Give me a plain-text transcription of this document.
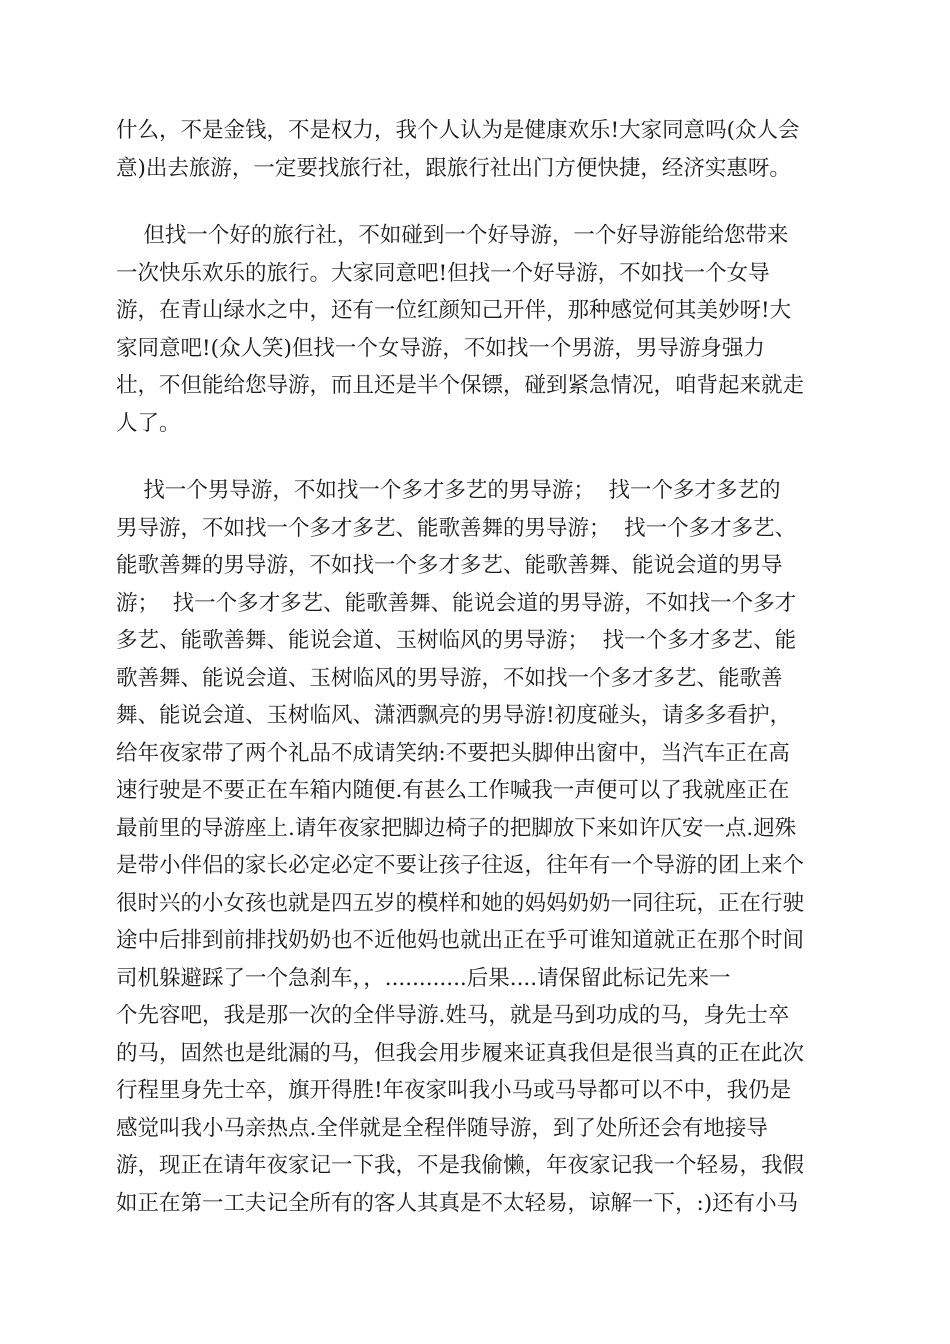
什么，不是金钱，不是权力，我个人认为是健康欢乐!大家同意吗(众人会
意)出去旅游，一定要找旅行社，跟旅行社出门方便快捷，经济实惠呀。
但找一个好的旅行社，不如碰到一个好导游，一个好导游能给您带来
一次快乐欢乐的旅行。大家同意吧!但找一个好导游，不如找一个女导
游，在青山绿水之中，还有一位红颜知己开伴，那种感觉何其美妙呀!大
家同意吧!(众人笑)但找一个女导游，不如找一个男游，男导游身强力
壮，不但能给您导游，而且还是半个保镖，碰到紧急情况，咱背起来就走
人了。
找一个男导游，不如找一个多才多艺的男导游；  找一个多才多艺的
男导游，不如找一个多才多艺、能歌善舞的男导游；  找一个多才多艺、
能歌善舞的男导游，不如找一个多才多艺、能歌善舞、能说会道的男导
游；  找一个多才多艺、能歌善舞、能说会道的男导游，不如找一个多才
多艺、能歌善舞、能说会道、玉树临风的男导游；  找一个多才多艺、能
歌善舞、能说会道、玉树临风的男导游，不如找一个多才多艺、能歌善
舞、能说会道、玉树临风、潇洒飘亮的男导游!初度碰头，请多多看护，
给年夜家带了两个礼品不成请笑纳:不要把头脚伸出窗中，当汽车正在高
速行驶是不要正在车箱内随便.有甚么工作喊我一声便可以了我就座正在
最前里的导游座上.请年夜家把脚边椅子的把脚放下来如许仄安一点.迥殊
是带小伴侣的家长必定必定不要让孩子往返，往年有一个导游的团上来个
很时兴的小女孩也就是四五岁的模样和她的妈妈奶奶一同往玩，正在行驶
途中后排到前排找奶奶也不近他妈也就出正在乎可谁知道就正在那个时间
司机躲避踩了一个急刹车，，............后果....请保留此标记先来一
个先容吧，我是那一次的全伴导游.姓马，就是马到功成的马，身先士卒
的马，固然也是纰漏的马，但我会用步履来证真我但是很当真的正在此次
行程里身先士卒，旗开得胜!年夜家叫我小马或马导都可以不中，我仍是
感觉叫我小马亲热点.全伴就是全程伴随导游，到了处所还会有地接导
游，现正在请年夜家记一下我，不是我偷懒，年夜家记我一个轻易，我假
如正在第一工夫记全所有的客人其真是不太轻易，谅解一下，:)还有小马
